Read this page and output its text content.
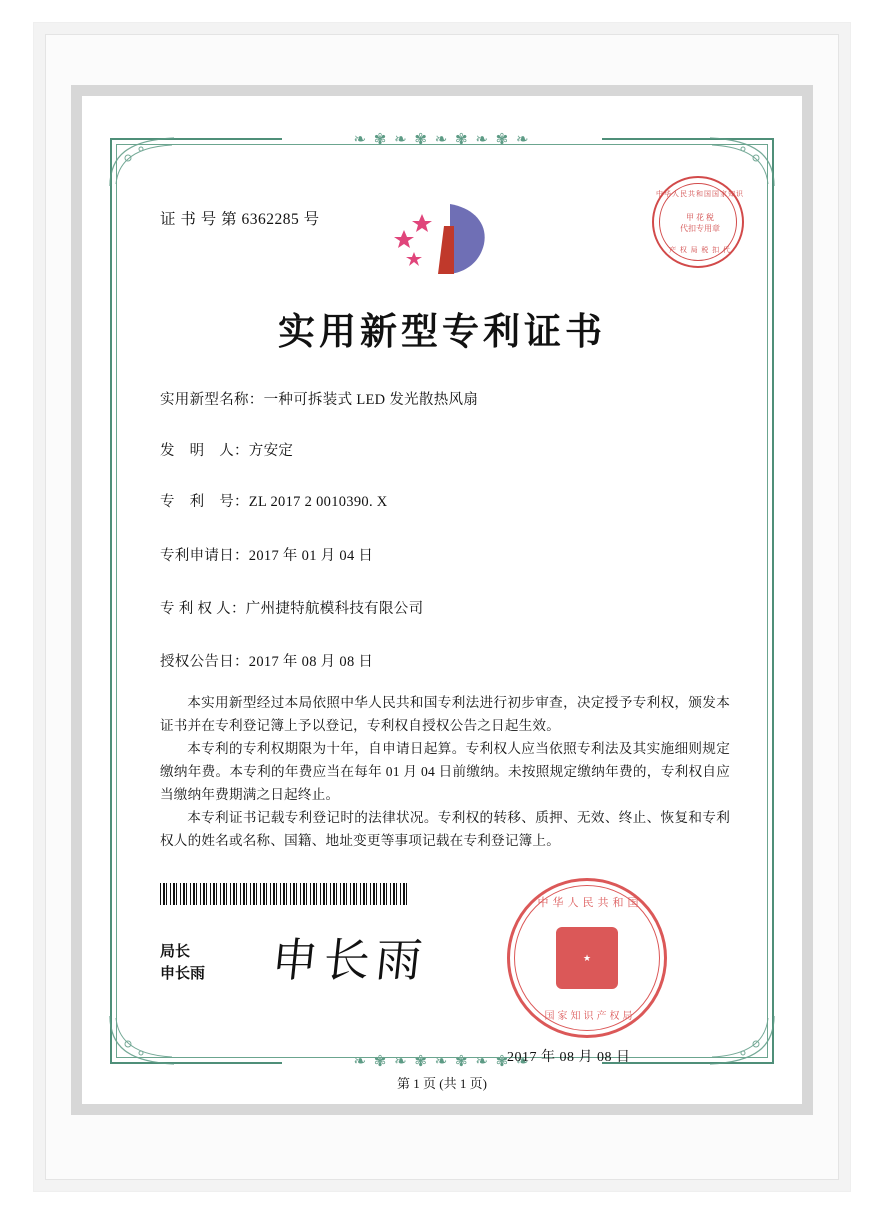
❧ ✾ ❧ ✾ ❧ ✾ ❧ ✾ ❧
❧ ✾ ❧ ✾ ❧ ✾ ❧ ✾ ❧
证 书 号 第 6362285 号
中华人民共和国国家知识
甲 花 税
代扣专用章
产 权 局 税 扣 代
实用新型专利证书
实用新型名称：一种可拆装式 LED 发光散热风扇
发　明　人：方安定
专　利　号：ZL 2017 2 0010390. X
专利申请日：2017 年 01 月 04 日
专 利 权 人：广州捷特航模科技有限公司
授权公告日：2017 年 08 月 08 日

本实用新型经过本局依照中华人民共和国专利法进行初步审查，决定授予专利权，颁发本证书并在专利登记簿上予以登记，专利权自授权公告之日起生效。

本专利的专利权期限为十年，自申请日起算。专利权人应当依照专利法及其实施细则规定缴纳年费。本专利的年费应当在每年 01 月 04 日前缴纳。未按照规定缴纳年费的，专利权自应当缴纳年费期满之日起终止。

本专利证书记载专利登记时的法律状况。专利权的转移、质押、无效、终止、恢复和专利权人的姓名或名称、国籍、地址变更等事项记载在专利登记簿上。

局长
申长雨 申长雨
中华人民共和国
★
国家知识产权局
2017 年 08 月 08 日
第 1 页 (共 1 页)
